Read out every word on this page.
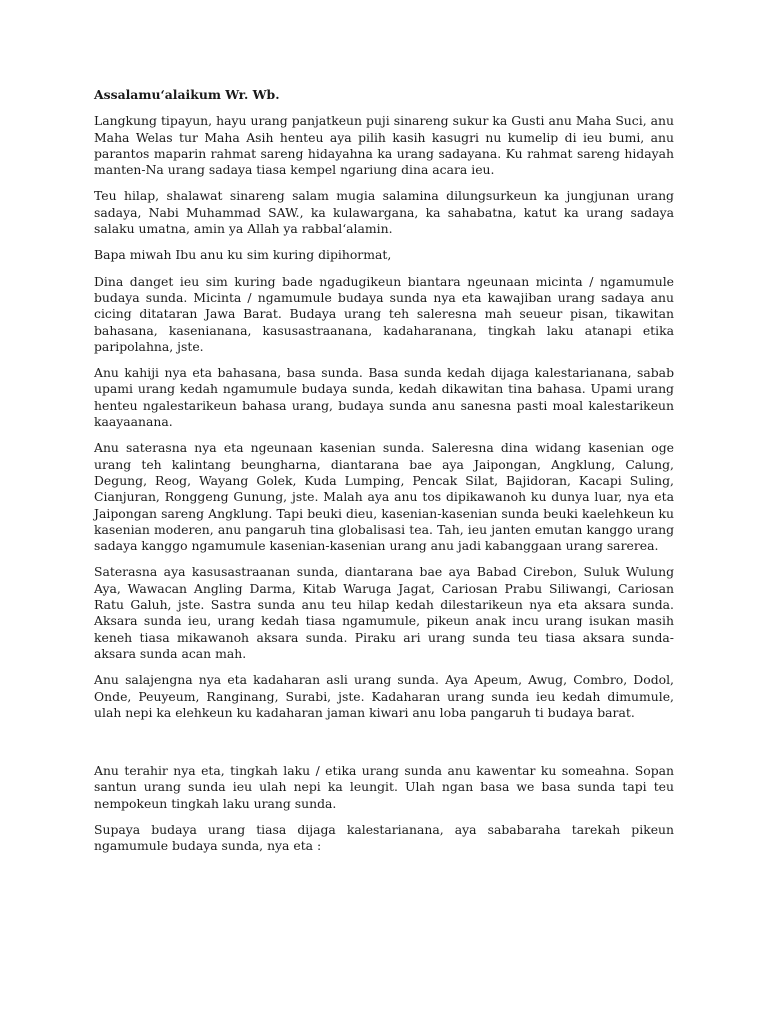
Assalamu‘alaikum Wr. Wb.

Langkung tipayun, hayu urang panjatkeun puji sinareng sukur ka Gusti anu Maha Suci, anu Maha Welas tur Maha Asih henteu aya pilih kasih kasugri nu kumelip di ieu bumi, anu parantos maparin rahmat sareng hidayahna ka urang sadayana. Ku rahmat sareng hidayah manten-Na urang sadaya tiasa kempel ngariung dina acara ieu.

Teu hilap, shalawat sinareng salam mugia salamina dilungsurkeun ka jungjunan urang sadaya, Nabi Muhammad SAW., ka kulawargana, ka sahabatna, katut ka urang sadaya salaku umatna, amin ya Allah ya rabbal‘alamin.

Bapa miwah Ibu anu ku sim kuring dipihormat,

Dina danget ieu sim kuring bade ngadugikeun biantara ngeunaan micinta / ngamumule budaya sunda. Micinta / ngamumule budaya sunda nya eta kawajiban urang sadaya anu cicing ditataran Jawa Barat. Budaya urang teh saleresna mah seueur pisan, tikawitan bahasana, kasenianana, kasusastraanana, kadaharanana, tingkah laku atanapi etika paripolahna, jste.

Anu kahiji nya eta bahasana, basa sunda. Basa sunda kedah dijaga kalestarianana, sabab upami urang kedah ngamumule budaya sunda, kedah dikawitan tina bahasa. Upami urang henteu ngalestarikeun bahasa urang, budaya sunda anu sanesna pasti moal kalestarikeun kaayaanana.

Anu saterasna nya eta ngeunaan kasenian sunda. Saleresna dina widang kasenian oge urang teh kalintang beungharna, diantarana bae aya Jaipongan, Angklung, Calung, Degung, Reog, Wayang Golek, Kuda Lumping, Pencak Silat, Bajidoran, Kacapi Suling, Cianjuran, Ronggeng Gunung, jste. Malah aya anu tos dipikawanoh ku dunya luar, nya eta Jaipongan sareng Angklung. Tapi beuki dieu, kasenian-kasenian sunda beuki kaelehkeun ku kasenian moderen, anu pangaruh tina globalisasi tea. Tah, ieu janten emutan kanggo urang sadaya kanggo ngamumule kasenian-kasenian urang anu jadi kabanggaan urang sarerea.

Saterasna aya kasusastraanan sunda, diantarana bae aya Babad Cirebon, Suluk Wulung Aya, Wawacan Angling Darma, Kitab Waruga Jagat, Cariosan Prabu Siliwangi, Cariosan Ratu Galuh, jste. Sastra sunda anu teu hilap kedah dilestarikeun nya eta aksara sunda. Aksara sunda ieu, urang kedah tiasa ngamumule, pikeun anak incu urang isukan masih keneh tiasa mikawanoh aksara sunda. Piraku ari urang sunda teu tiasa aksara sunda-aksara sunda acan mah.

Anu salajengna nya eta kadaharan asli urang sunda. Aya Apeum, Awug, Combro, Dodol, Onde, Peuyeum, Ranginang, Surabi, jste. Kadaharan urang sunda ieu kedah dimumule, ulah nepi ka elehkeun ku kadaharan jaman kiwari anu loba pangaruh ti budaya barat.

Anu terahir nya eta, tingkah laku / etika urang sunda anu kawentar ku someahna. Sopan santun urang sunda ieu ulah nepi ka leungit. Ulah ngan basa we basa sunda tapi teu nempokeun tingkah laku urang sunda.

Supaya budaya urang tiasa dijaga kalestarianana, aya sababaraha tarekah pikeun ngamumule budaya sunda, nya eta :
